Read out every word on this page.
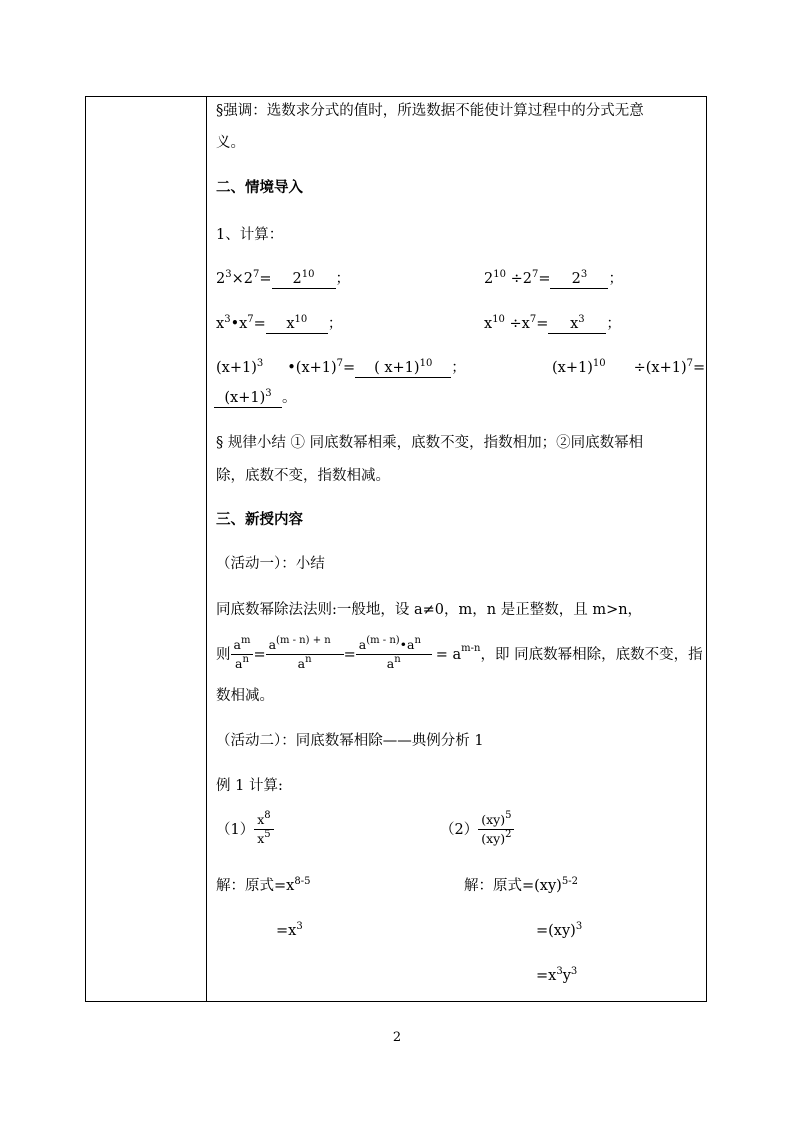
§强调：选数求分式的值时，所选数据不能使计算过程中的分式无意
义。
二、情境导入
1、计算：
$2^3\times 2^7= 2^{10}$ ；	$2^{10} \div 2^7= 2^3$ ；
$x^3•x^7= x^{10}$ ；	$x^{10} \div x^7= x^3$ ；
$(x+1)^3$ $•(x+1)^7=$ ( x+1)$^{10}$ ；	$(x+1)^{10} \div(x+1)^7=$
$(x+1)^3$ 。
§ 规律小结 ① 同底数幂相乘，底数不变，指数相加；②同底数幂相
除，底数不变，指数相减。
三、新授内容
（活动一）：小结
同底数幂除法法则:一般地，设 a≠0，m，n 是正整数，且 m>n，
则 $\frac{a^m}{a^n} = \frac{a^{(m - n) + n}}{a^n} = \frac{a^{(m - n)}•a^n}{a^n} = a^{m-n}$ ，即 同底数幂相除，底数不变，指
数相减。
（活动二）：同底数幂相除——典例分析 1
例 1 计算:
$(1) \frac{x^8}{x^5}$	$(2) \frac{(xy)^5}{(xy)^2}$
解：原式$=x^{8-5}$
$=x^3$
解：原式=(xy)$^{5-2}$
=(xy)$^3$
$=x^3y^3$
2
